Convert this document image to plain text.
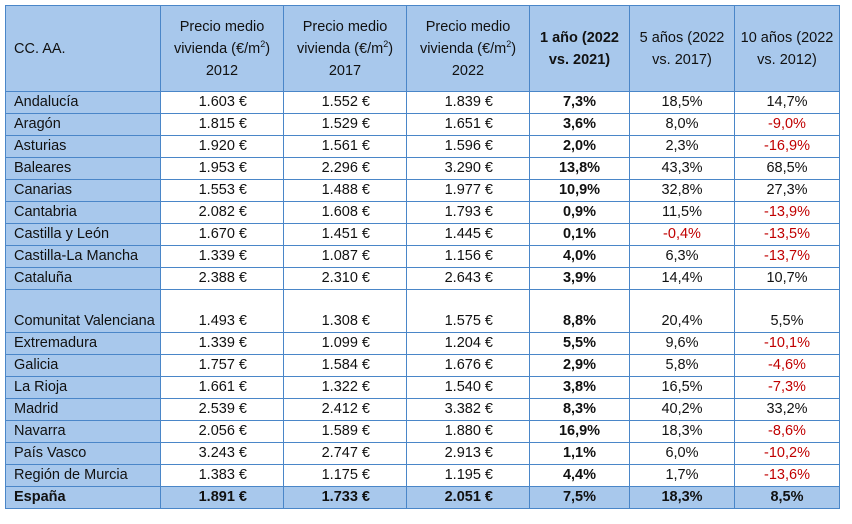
CC. AA.	Precio medio vivienda $(€/m^2)$ 2012	Precio medio vivienda $(€/m^2)$ 2017	Precio medio vivienda $(€/m^2)$ 2022	1 año (2022 vs. 2021)	5 años (2022 vs. 2017)	10 años (2022 vs. 2012)
Andalucía	1.603 €	1.552 €	1.839 €	7,3%	18,5%	14,7%
Aragón	1.815 €	1.529 €	1.651 €	3,6%	8,0%	-9,0%
Asturias	1.920 €	1.561 €	1.596 €	2,0%	2,3%	-16,9%
Baleares	1.953 €	2.296 €	3.290 €	13,8%	43,3%	68,5%
Canarias	1.553 €	1.488 €	1.977 €	10,9%	32,8%	27,3%
Cantabria	2.082 €	1.608 €	1.793 €	0,9%	11,5%	-13,9%
Castilla y León	1.670 €	1.451 €	1.445 €	0,1%	-0,4%	-13,5%
Castilla-La Mancha	1.339 €	1.087 €	1.156 €	4,0%	6,3%	-13,7%
Cataluña	2.388 €	2.310 €	2.643 €	3,9%	14,4%	10,7%
Comunitat Valenciana	1.493 €	1.308 €	1.575 €	8,8%	20,4%	5,5%
Extremadura	1.339 €	1.099 €	1.204 €	5,5%	9,6%	-10,1%
Galicia	1.757 €	1.584 €	1.676 €	2,9%	5,8%	-4,6%
La Rioja	1.661 €	1.322 €	1.540 €	3,8%	16,5%	-7,3%
Madrid	2.539 €	2.412 €	3.382 €	8,3%	40,2%	33,2%
Navarra	2.056 €	1.589 €	1.880 €	16,9%	18,3%	-8,6%
País Vasco	3.243 €	2.747 €	2.913 €	1,1%	6,0%	-10,2%
Región de Murcia	1.383 €	1.175 €	1.195 €	4,4%	1,7%	-13,6%
España	1.891 €	1.733 €	2.051 €	7,5%	18,3%	8,5%
